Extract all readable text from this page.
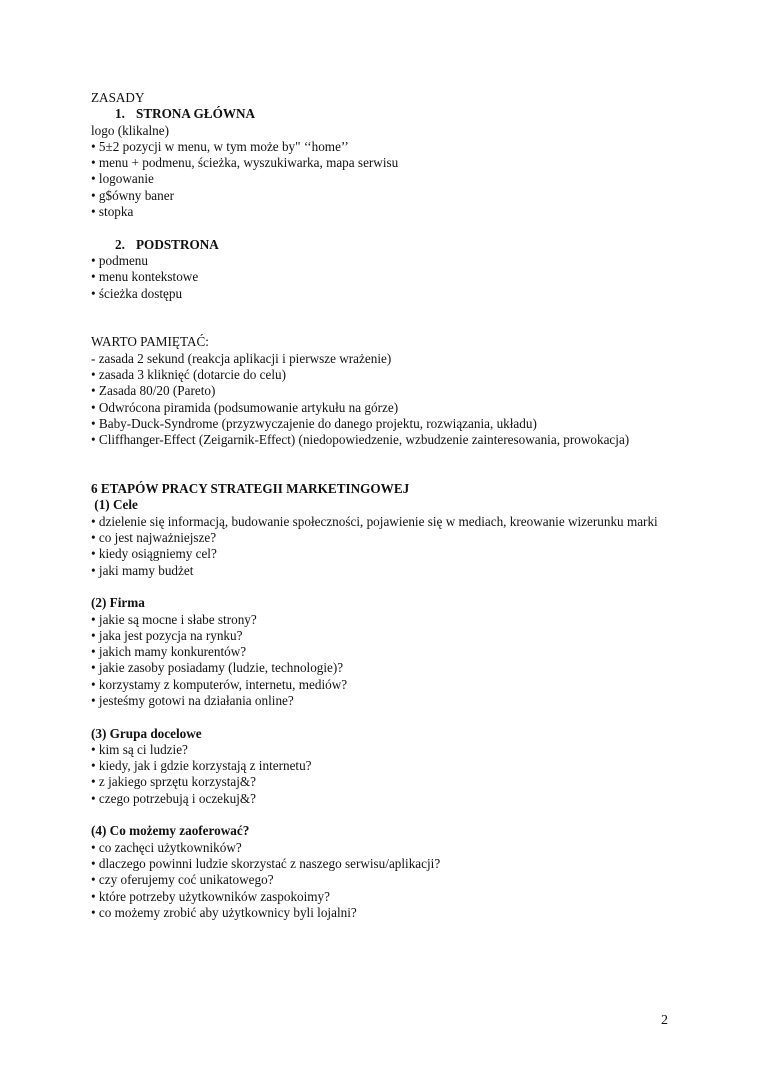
ZASADY
1. STRONA GŁÓWNA
logo (klikalne)
• 5±2 pozycji w menu, w tym może by" ‘‘home’’
• menu + podmenu, ścieżka, wyszukiwarka, mapa serwisu
• logowanie
• g$ówny baner
• stopka
2. PODSTRONA
• podmenu
• menu kontekstowe
• ścieżka dostępu
WARTO PAMIĘTAĆ:
- zasada 2 sekund (reakcja aplikacji i pierwsze wrażenie)
• zasada 3 kliknięć (dotarcie do celu)
• Zasada 80/20 (Pareto)
• Odwrócona piramida (podsumowanie artykułu na górze)
• Baby-Duck-Syndrome (przyzwyczajenie do danego projektu, rozwiązania, układu)
• Cliffhanger-Effect (Zeigarnik-Effect) (niedopowiedzenie, wzbudzenie zainteresowania, prowokacja)
6 ETAPÓW PRACY STRATEGII MARKETINGOWEJ
(1) Cele
• dzielenie się informacją, budowanie społeczności, pojawienie się w mediach, kreowanie wizerunku marki
• co jest najważniejsze?
• kiedy osiągniemy cel?
• jaki mamy budżet
(2) Firma
• jakie są mocne i słabe strony?
• jaka jest pozycja na rynku?
• jakich mamy konkurentów?
• jakie zasoby posiadamy (ludzie, technologie)?
• korzystamy z komputerów, internetu, mediów?
• jesteśmy gotowi na działania online?
(3) Grupa docelowe
• kim są ci ludzie?
• kiedy, jak i gdzie korzystają z internetu?
• z jakiego sprzętu korzystaj&?
• czego potrzebują i oczekuj&?
(4) Co możemy zaoferować?
• co zachęci użytkowników?
• dlaczego powinni ludzie skorzystać z naszego serwisu/aplikacji?
• czy oferujemy coć unikatowego?
• które potrzeby użytkowników zaspokoimy?
• co możemy zrobić aby użytkownicy byli lojalni?
2
